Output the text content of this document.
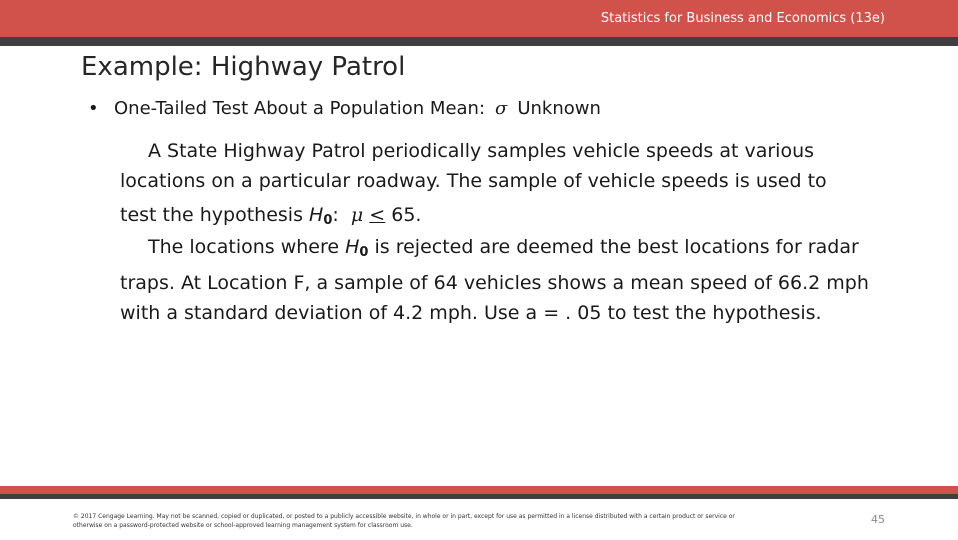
Statistics for Business and Economics (13e)
Example: Highway Patrol
• One-Tailed Test About a Population Mean: σ Unknown
A State Highway Patrol periodically samples vehicle speeds at various
locations on a particular roadway. The sample of vehicle speeds is used to
test the hypothesis $H_0$:  μ ≤ 65.
The locations where $H_0$ is rejected are deemed the best locations for radar
traps. At Location F, a sample of 64 vehicles shows a mean speed of 66.2 mph
with a standard deviation of 4.2 mph. Use a = . 05 to test the hypothesis.
© 2017 Cengage Learning. May not be scanned, copied or duplicated, or posted to a publicly accessible website, in whole or in part, except for use as permitted in a license distributed with a certain product or service or
otherwise on a password-protected website or school-approved learning management system for classroom use.	45
